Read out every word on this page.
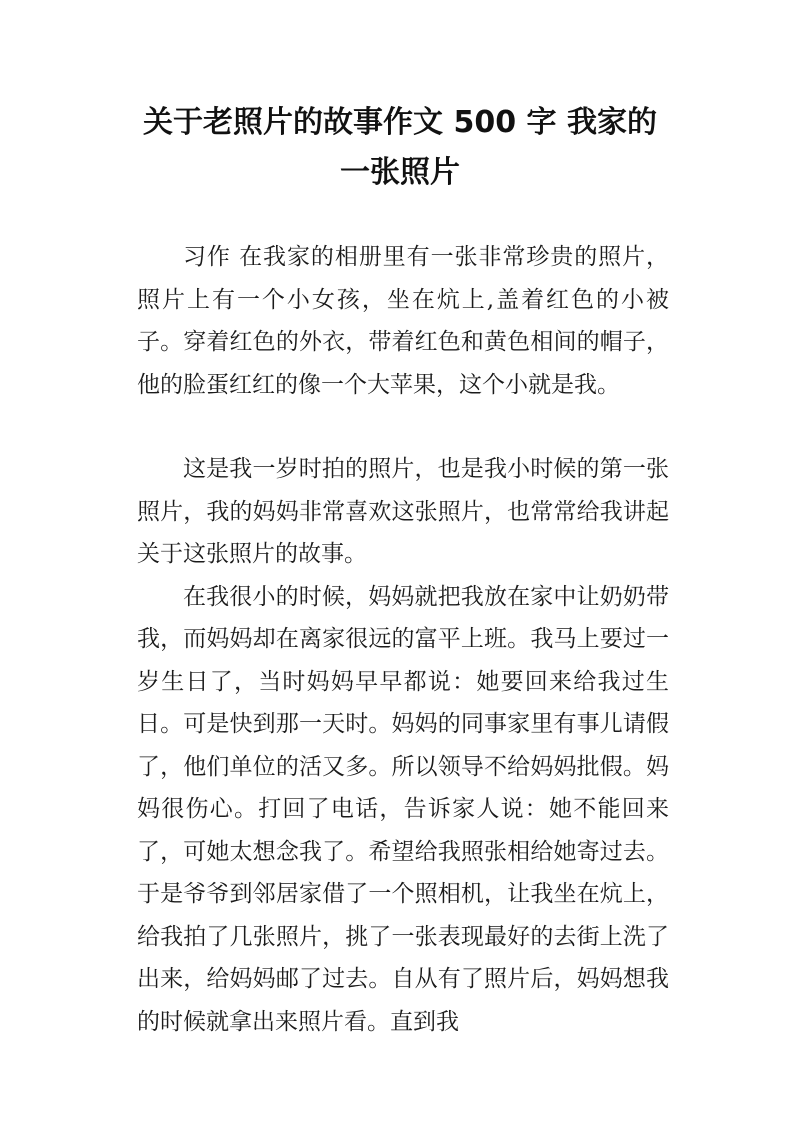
关于老照片的故事作文 500 字 我家的
一张照片

习作 在我家的相册里有一张非常珍贵的照片，照片上有一个小女孩，坐在炕上,盖着红色的小被子。穿着红色的外衣，带着红色和黄色相间的帽子，他的脸蛋红红的像一个大苹果，这个小就是我。

这是我一岁时拍的照片，也是我小时候的第一张照片，我的妈妈非常喜欢这张照片，也常常给我讲起关于这张照片的故事。

在我很小的时候，妈妈就把我放在家中让奶奶带我，而妈妈却在离家很远的富平上班。我马上要过一岁生日了，当时妈妈早早都说：她要回来给我过生日。可是快到那一天时。妈妈的同事家里有事儿请假了，他们单位的活又多。所以领导不给妈妈批假。妈妈很伤心。打回了电话，告诉家人说：她不能回来了，可她太想念我了。希望给我照张相给她寄过去。于是爷爷到邻居家借了一个照相机，让我坐在炕上，给我拍了几张照片，挑了一张表现最好的去街上洗了出来，给妈妈邮了过去。自从有了照片后，妈妈想我的时候就拿出来照片看。直到我
